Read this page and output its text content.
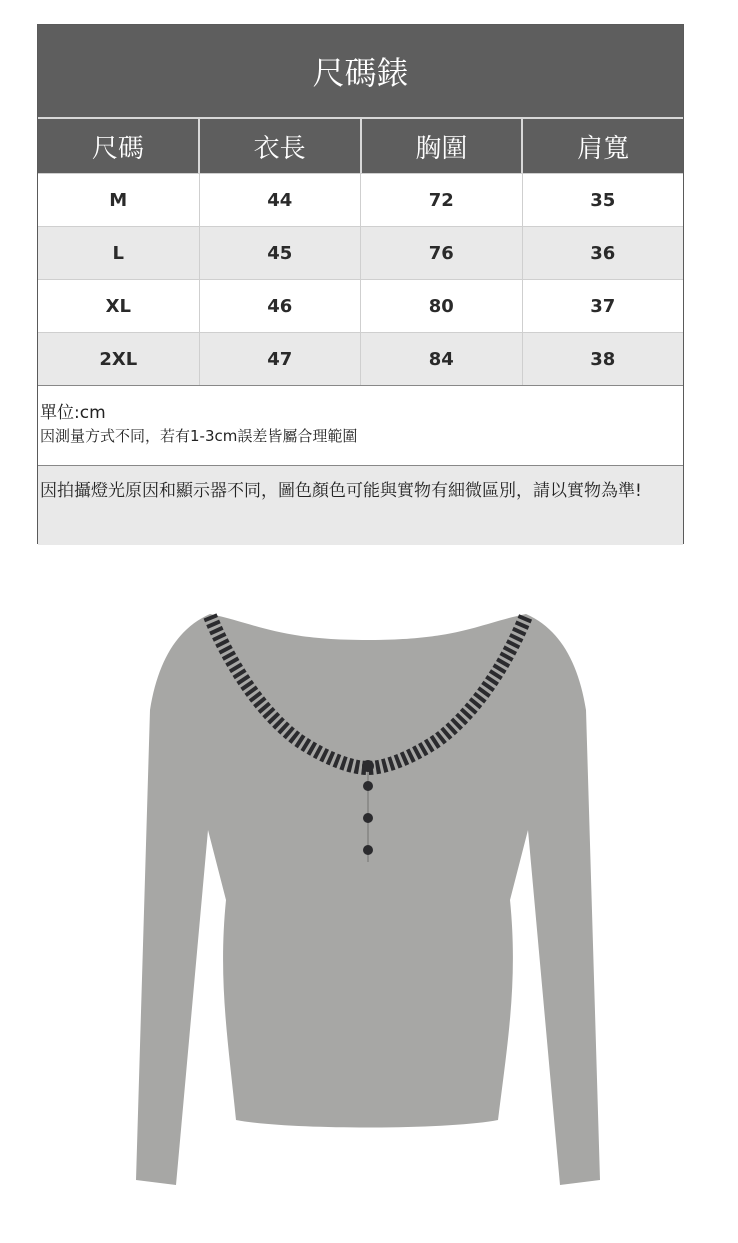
尺碼錶
尺碼	衣長	胸圍	肩寬
M	44	72	35
L	45	76	36
XL	46	80	37
2XL	47	84	38
單位:cm
因測量方式不同，若有1-3cm誤差皆屬合理範圍
因拍攝燈光原因和顯示器不同，圖色顏色可能與實物有細微區別，請以實物為準!
